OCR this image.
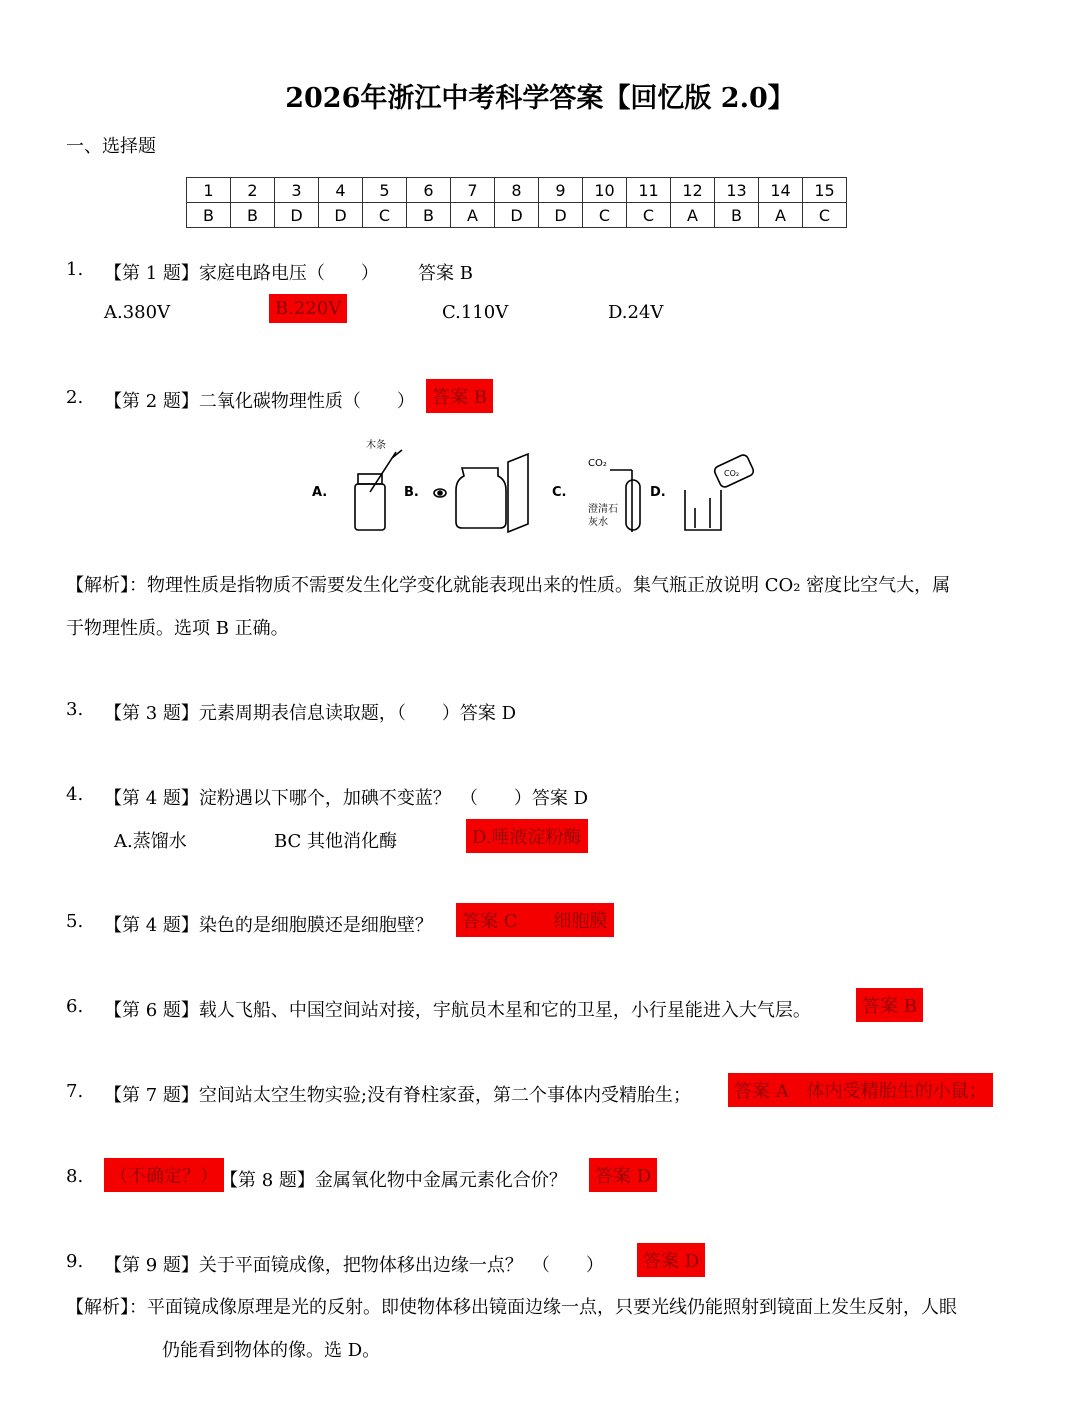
2026年浙江中考科学答案【回忆版 2.0】
一、选择题
1	2	3	4	5	6	7	8	9	10	11	12	13	14	15
B	B	D	D	C	B	A	D	D	C	C	A	B	A	C
1. 【第 1 题】家庭电路电压（　　） 答案 B
A.380V	B.220V	C.110V	D.24V
2. 【第 2 题】二氧化碳物理性质（　　） 答案 B
A.	B.	C.	D.
木条
CO₂
CO₂
澄清石
灰水
【解析】：物理性质是指物质不需要发生化学变化就能表现出来的性质。集气瓶正放说明 CO₂ 密度比空气大，属
于物理性质。选项 B 正确。
3. 【第 3 题】元素周期表信息读取题，（　　）答案 D
4. 【第 4 题】淀粉遇以下哪个，加碘不变蓝？　（　　）答案 D
A.蒸馏水	BC 其他消化酶	D.唾液淀粉酶
5. 【第 4 题】染色的是细胞膜还是细胞壁？	答案 C　　细胞膜
6. 【第 6 题】载人飞船、中国空间站对接，宇航员木星和它的卫星，小行星能进入大气层。	答案 B
7. 【第 7 题】空间站太空生物实验;没有脊柱家蚕，第二个事体内受精胎生；	答案 A　体内受精胎生的小鼠；
8.	（不确定？） 【第 8 题】金属氧化物中金属元素化合价？	答案 D
9. 【第 9 题】关于平面镜成像，把物体移出边缘一点？　（　　）	答案 D
【解析】：平面镜成像原理是光的反射。即使物体移出镜面边缘一点，只要光线仍能照射到镜面上发生反射，人眼
仍能看到物体的像。选 D。
